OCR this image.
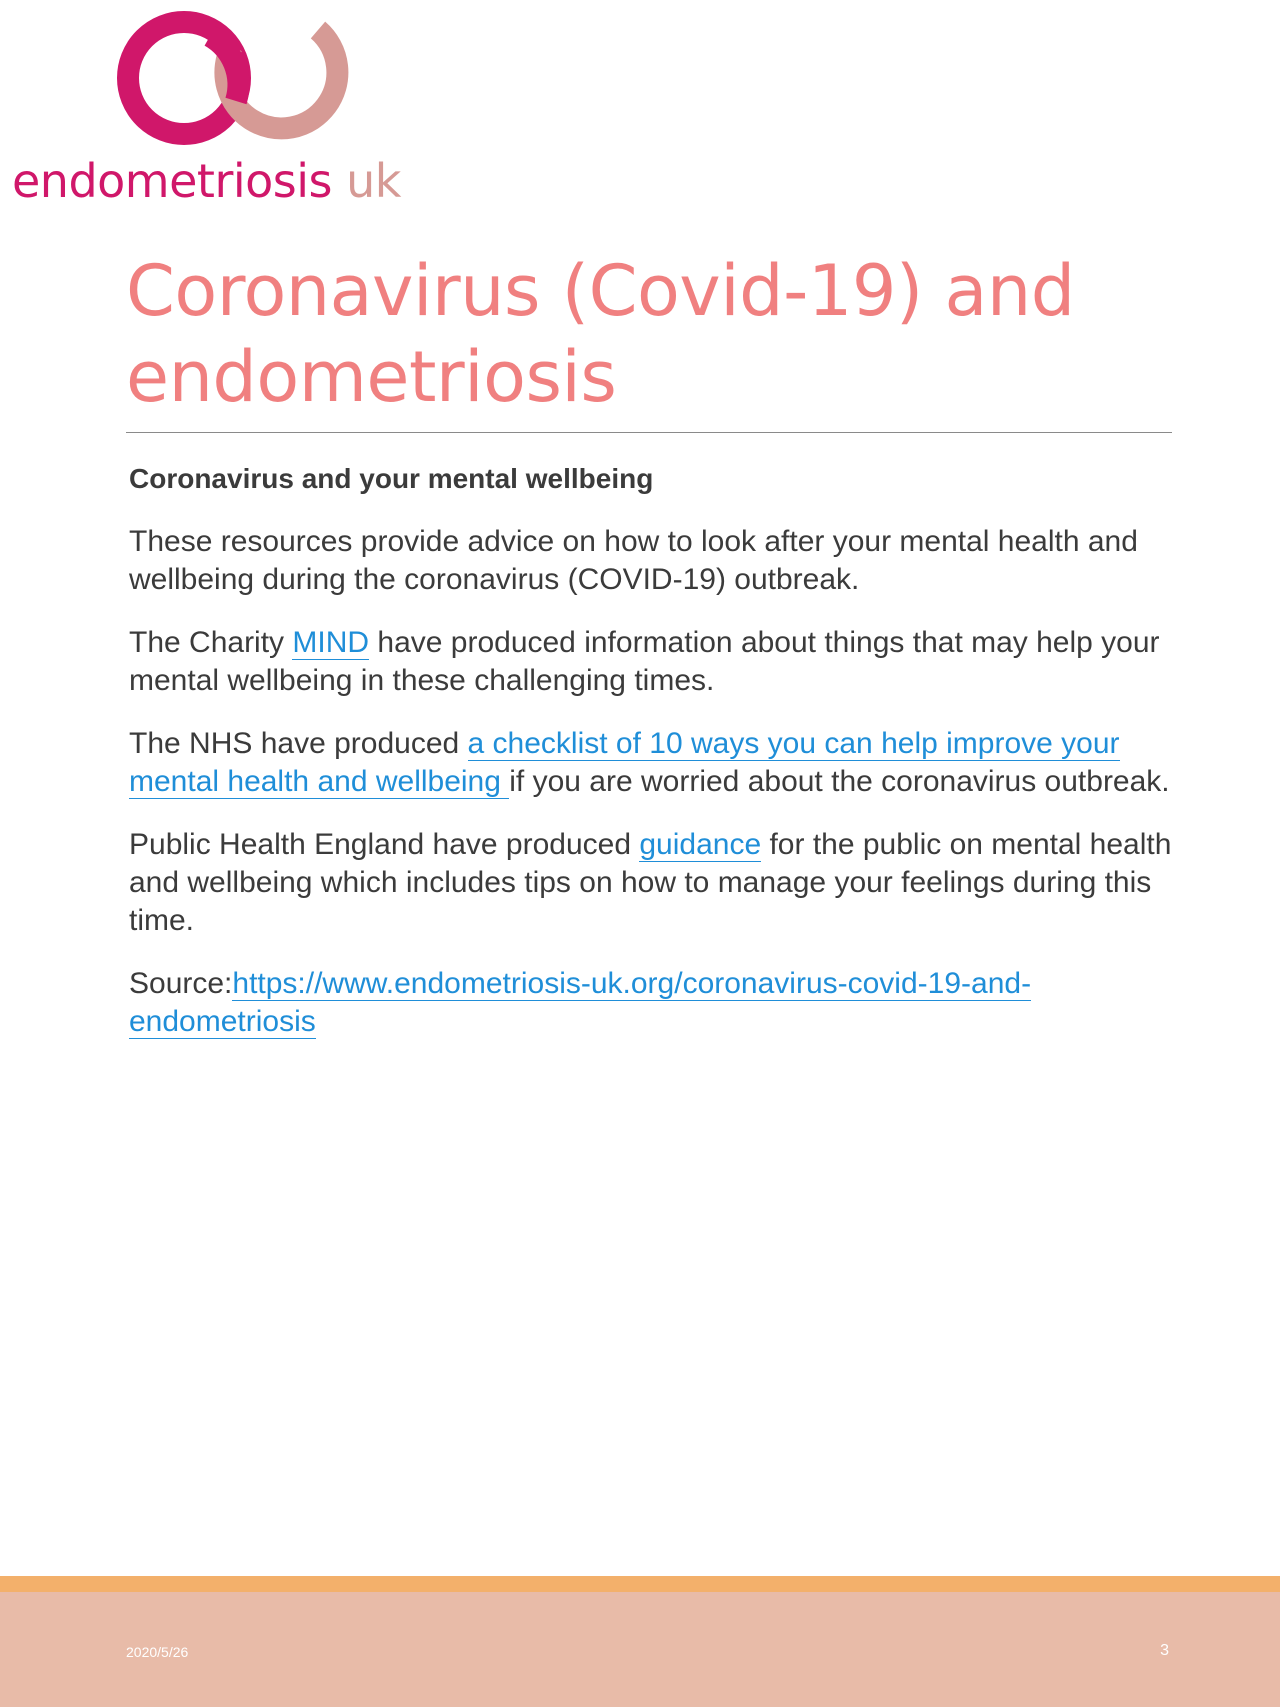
endometriosis uk
Coronavirus (Covid-19) and endometriosis

Coronavirus and your mental wellbeing

These resources provide advice on how to look after your mental health and wellbeing during the coronavirus (COVID-19) outbreak.

The Charity MIND have produced information about things that may help your mental wellbeing in these challenging times.

The NHS have produced a checklist of 10 ways you can help improve your mental health and wellbeing if you are worried about the coronavirus outbreak.

Public Health England have produced guidance for the public on mental health and wellbeing which includes tips on how to manage your feelings during this time.

Source:https://www.endometriosis-uk.org/coronavirus-covid-19-and-endometriosis

2020/5/26	3
